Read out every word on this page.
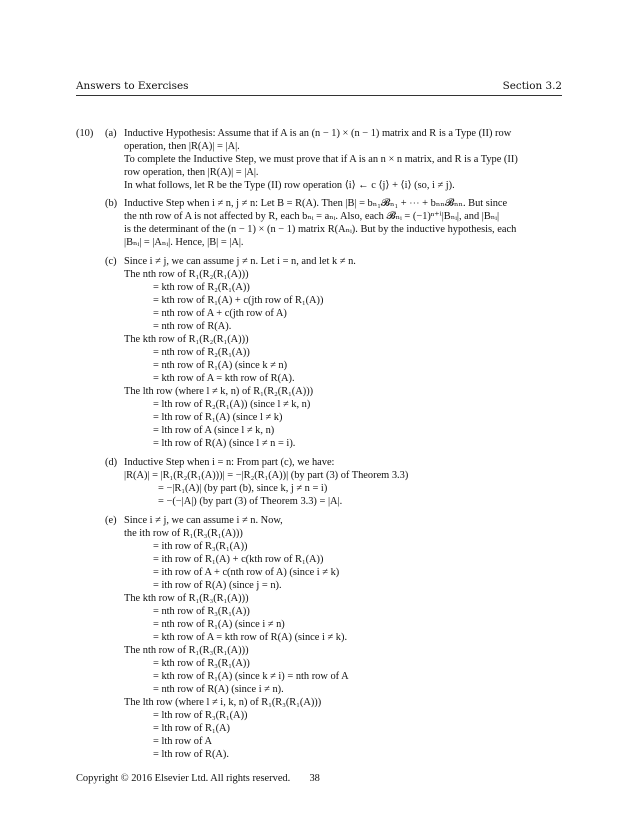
Answers to Exercises	Section 3.2
(10) (a) Inductive Hypothesis: Assume that if A is an (n − 1) × (n − 1) matrix and R is a Type (II) row
operation, then |R(A)| = |A|.
To complete the Inductive Step, we must prove that if A is an n × n matrix, and R is a Type (II)
row operation, then |R(A)| = |A|.
In what follows, let R be the Type (II) row operation ⟨i⟩ ← c ⟨j⟩ + ⟨i⟩ (so, i ≠ j).
(b) Inductive Step when i ≠ n, j ≠ n: Let B = R(A). Then |B| = bₙ₁𝓑ₙ₁ + ⋯ + bₙₙ𝓑ₙₙ. But since
the nth row of A is not affected by R, each bₙᵢ = aₙᵢ. Also, each 𝓑ₙᵢ = (−1)ⁿ⁺ⁱ|Bₙᵢ|, and |Bₙᵢ|
is the determinant of the (n − 1) × (n − 1) matrix R(Aₙᵢ). But by the inductive hypothesis, each
|Bₙᵢ| = |Aₙᵢ|. Hence, |B| = |A|.
(c) Since i ≠ j, we can assume j ≠ n. Let i = n, and let k ≠ n.
The nth row of R₁(R₂(R₁(A)))
= kth row of R₂(R₁(A))
= kth row of R₁(A) + c(jth row of R₁(A))
= nth row of A + c(jth row of A)
= nth row of R(A).
The kth row of R₁(R₂(R₁(A)))
= nth row of R₂(R₁(A))
= nth row of R₁(A) (since k ≠ n)
= kth row of A = kth row of R(A).
The lth row (where l ≠ k, n) of R₁(R₂(R₁(A)))
= lth row of R₂(R₁(A)) (since l ≠ k, n)
= lth row of R₁(A) (since l ≠ k)
= lth row of A (since l ≠ k, n)
= lth row of R(A) (since l ≠ n = i).
(d) Inductive Step when i = n: From part (c), we have:
|R(A)| = |R₁(R₂(R₁(A)))| = −|R₂(R₁(A))| (by part (3) of Theorem 3.3)
= −|R₁(A)| (by part (b), since k, j ≠ n = i)
= −(−|A|) (by part (3) of Theorem 3.3) = |A|.
(e) Since i ≠ j, we can assume i ≠ n. Now,
the ith row of R₁(R₃(R₁(A)))
= ith row of R₃(R₁(A))
= ith row of R₁(A) + c(kth row of R₁(A))
= ith row of A + c(nth row of A) (since i ≠ k)
= ith row of R(A) (since j = n).
The kth row of R₁(R₃(R₁(A)))
= nth row of R₃(R₁(A))
= nth row of R₁(A) (since i ≠ n)
= kth row of A = kth row of R(A) (since i ≠ k).
The nth row of R₁(R₃(R₁(A)))
= kth row of R₃(R₁(A))
= kth row of R₁(A) (since k ≠ i) = nth row of A
= nth row of R(A) (since i ≠ n).
The lth row (where l ≠ i, k, n) of R₁(R₃(R₁(A)))
= lth row of R₃(R₁(A))
= lth row of R₁(A)
= lth row of A
= lth row of R(A).
Copyright © 2016 Elsevier Ltd. All rights reserved. 38
